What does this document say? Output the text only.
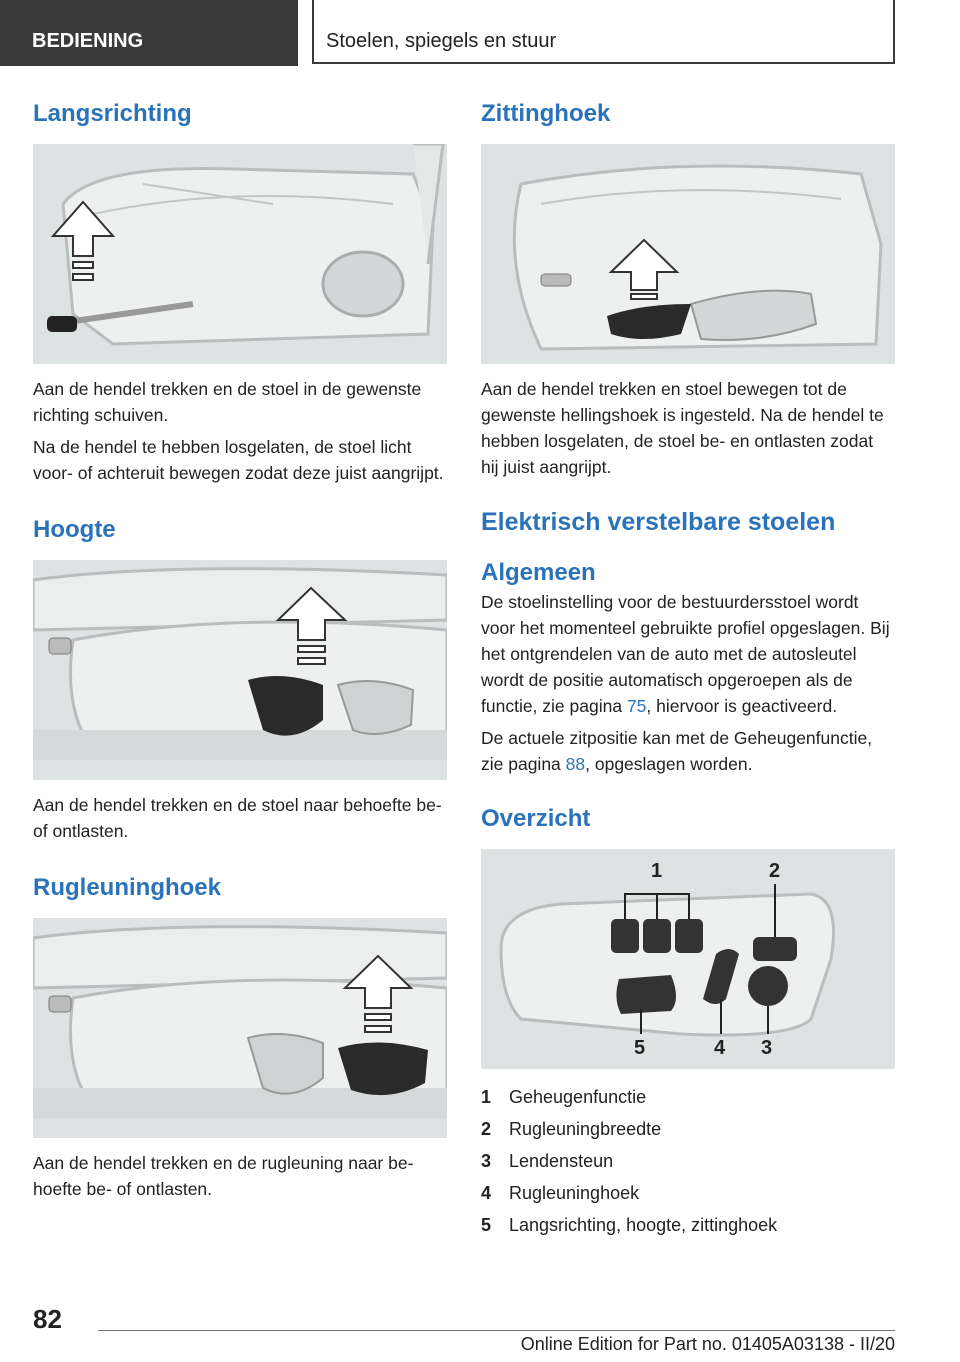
BEDIENING	Stoelen, spiegels en stuur
Langsrichting

Aan de hendel trekken en de stoel in de gewenste richting schuiven.

Na de hendel te hebben losgelaten, de stoel licht voor- of achteruit bewegen zodat deze juist aangrijpt.

Hoogte

Aan de hendel trekken en de stoel naar behoefte be- of ontlasten.

Rugleuninghoek

Aan de hendel trekken en de rugleuning naar behoefte be- of ontlasten.

Zittinghoek

Aan de hendel trekken en stoel bewegen tot de gewenste hellingshoek is ingesteld. Na de hendel te hebben losgelaten, de stoel be- en ontlasten zodat hij juist aangrijpt.

Elektrisch verstelbare stoelen
Algemeen

De stoelinstelling voor de bestuurdersstoel wordt voor het momenteel gebruikte profiel opgeslagen. Bij het ontgrendelen van de auto met de autosleutel wordt de positie automatisch opgeroepen als de functie, zie pagina 75, hiervoor is geactiveerd.

De actuele zitpositie kan met de Geheugenfunctie, zie pagina 88, opgeslagen worden.

Overzicht
1	2
3
4
5
1 Geheugenfunctie
2 Rugleuningbreedte
3 Lendensteun
4 Rugleuninghoek
5 Langsrichting, hoogte, zittinghoek
82
Online Edition for Part no. 01405A03138 - II/20
